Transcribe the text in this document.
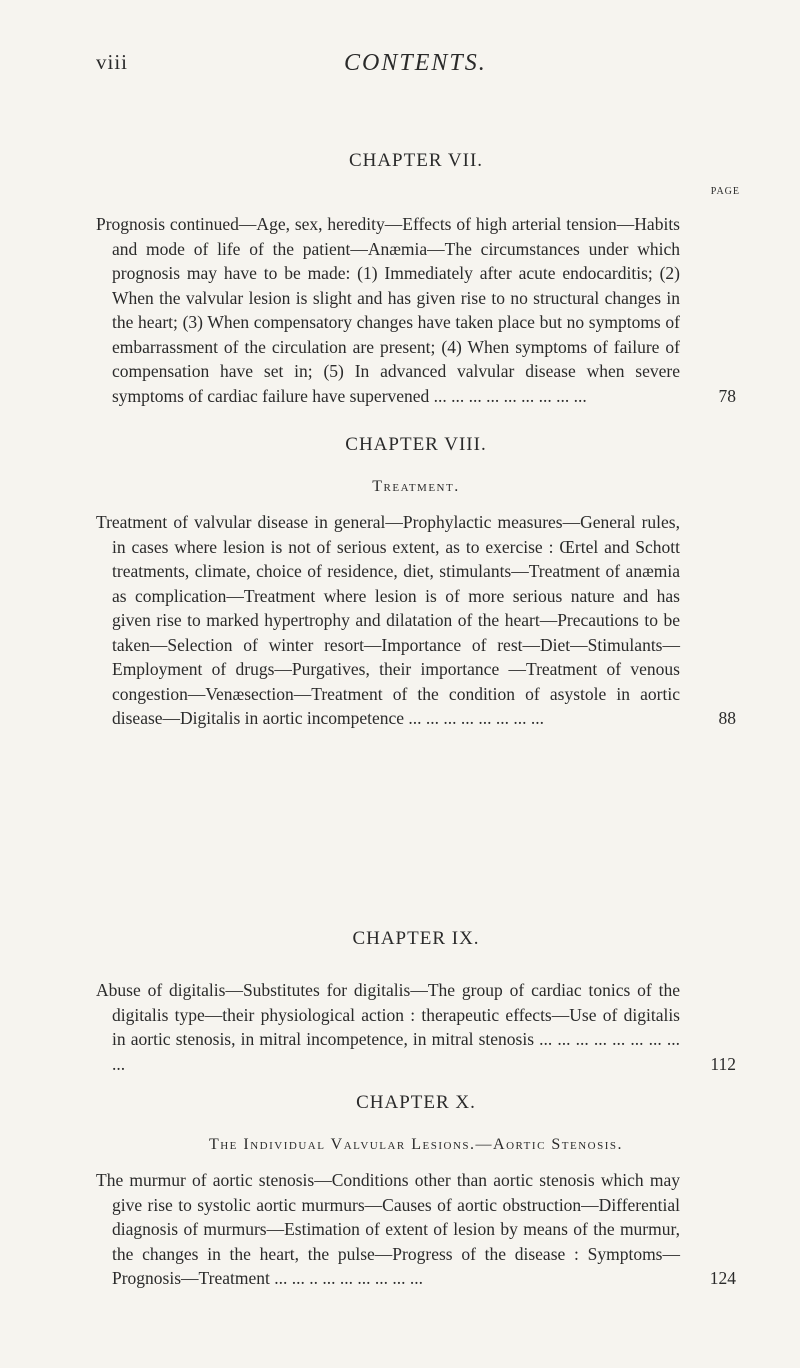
viii	CONTENTS.
CHAPTER VII.
PAGE
Prognosis continued—Age, sex, heredity—Effects of high arterial tension—Habits and mode of life of the patient—Anæmia—The circumstances under which prognosis may have to be made: (1) Immediately after acute endocarditis; (2) When the valvular lesion is slight and has given rise to no structural changes in the heart; (3) When compensatory changes have taken place but no symptoms of embarrassment of the circulation are present; (4) When symptoms of failure of compensation have set in; (5) In advanced valvular disease when severe symptoms of cardiac failure have supervened ... ... ... ... ... ... ... ... ...	78
CHAPTER VIII.
Treatment.
Treatment of valvular disease in general—Prophylactic measures—General rules, in cases where lesion is not of serious extent, as to exercise : Œrtel and Schott treatments, climate, choice of residence, diet, stimulants—Treatment of anæmia as complication—Treatment where lesion is of more serious nature and has given rise to marked hypertrophy and dilatation of the heart—Precautions to be taken—Selection of winter resort—Importance of rest—Diet—Stimulants—Employment of drugs—Purgatives, their importance —Treatment of venous congestion—Venæsection—Treatment of the condition of asystole in aortic disease—Digitalis in aortic incompetence ... ... ... ... ... ... ... ...	88
CHAPTER IX.
Abuse of digitalis—Substitutes for digitalis—The group of cardiac tonics of the digitalis type—their physiological action : therapeutic effects—Use of digitalis in aortic stenosis, in mitral incompetence, in mitral stenosis ... ... ... ... ... ... ... ... ...	112
CHAPTER X.
The Individual Valvular Lesions.—Aortic Stenosis.
The murmur of aortic stenosis—Conditions other than aortic stenosis which may give rise to systolic aortic murmurs—Causes of aortic obstruction—Differential diagnosis of murmurs—Estimation of extent of lesion by means of the murmur, the changes in the heart, the pulse—Progress of the disease : Symptoms—Prognosis—Treatment ... ... .. ... ... ... ... ... ...	124
